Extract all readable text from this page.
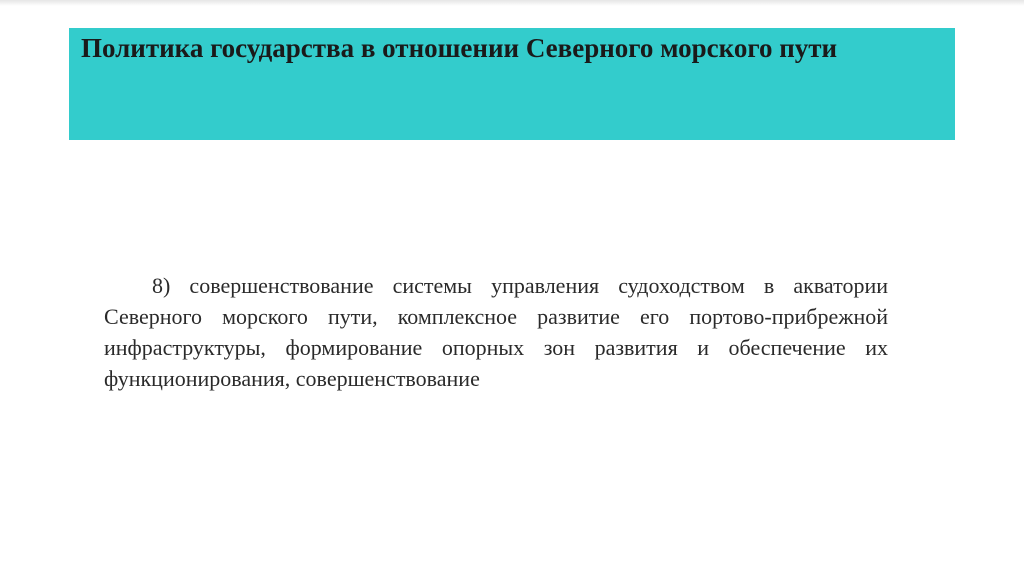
Политика государства в отношении Северного морского пути

8) совершенствование системы управления судоходством в акватории Северного морского пути, комплексное развитие его портово-прибрежной инфраструктуры, формирование опорных зон развития и обеспечение их функционирования, совершенствование
